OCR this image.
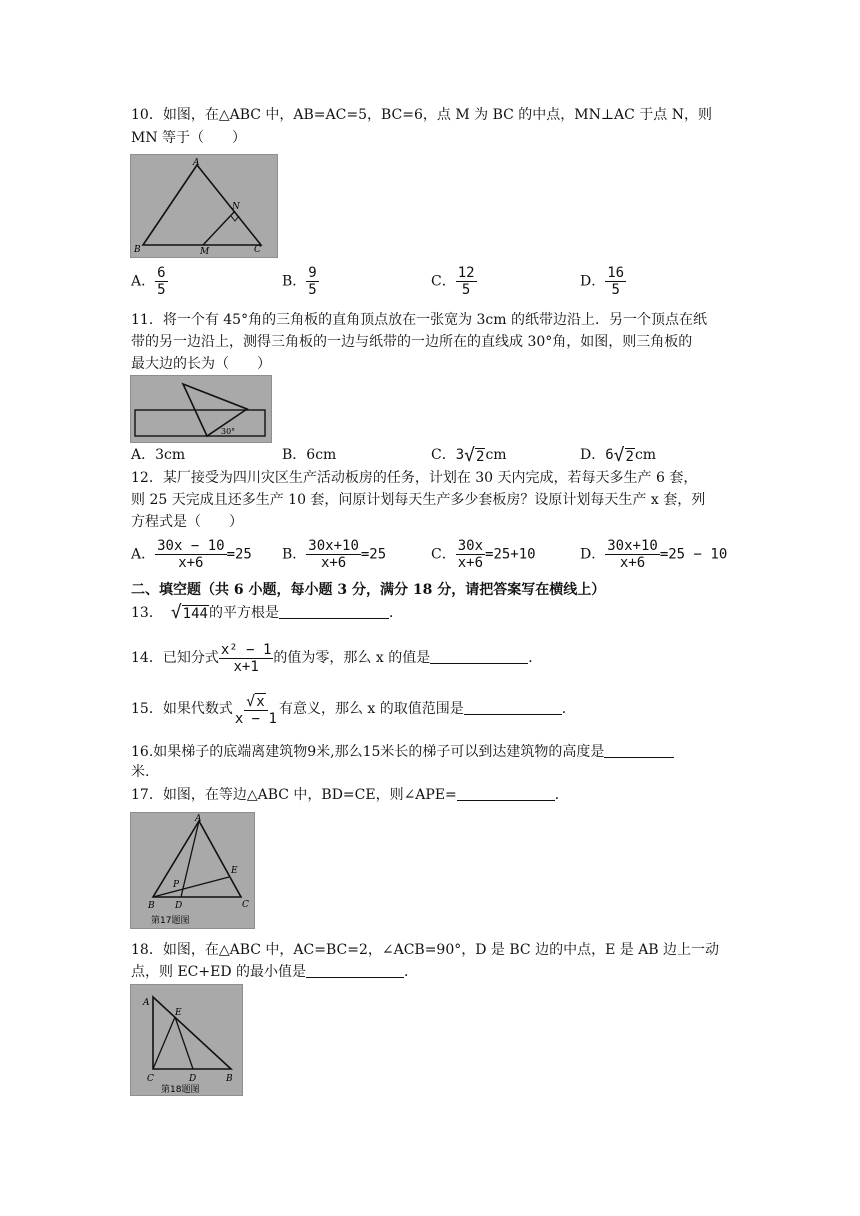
10．如图，在△ABC 中，AB=AC=5，BC=6，点 M 为 BC 的中点，MN⊥AC 于点 N，则
MN 等于（　　）
A
B	C
M
N
A． $\frac{6}{5}$	B． $\frac{9}{5}$	C． $\frac{12}{5}$	D． $\frac{16}{5}$
11．将一个有 45°角的三角板的直角顶点放在一张宽为 3cm 的纸带边沿上．另一个顶点在纸
带的另一边沿上，测得三角板的一边与纸带的一边所在的直线成 30°角，如图，则三角板的
最大边的长为（　　）
30°
A．3cm	B．6cm	C． 3 √ 2 cm	D． 6 √ 2 cm
12．某厂接受为四川灾区生产活动板房的任务，计划在 30 天内完成，若每天多生产 6 套，
则 25 天完成且还多生产 10 套，问原计划每天生产多少套板房？设原计划每天生产 x 套，列
方程式是（　　）
A． $\frac{30x - 10}{x+6} =25$ B． $\frac{30x+10}{x+6} =25$	C． $\frac{30x}{x+6} =25+10$	D． $\frac{30x+10}{x+6} =25 - 10$
二、填空题（共 6 小题，每小题 3 分，满分 18 分，请把答案写在横线上）
13． √ 144 的平方根是	．
14．已知分式 $\frac{\text{x² − 1}}{x+1}$ 的值为零，那么 x 的值是	．
15．如果代数式 $\frac{√ x}{x - 1}$ 有意义，那么 x 的取值范围是	．
16.如果梯子的底端离建筑物9米,那么15米长的梯子可以到达建筑物的高度是
米.
17．如图，在等边△ABC 中，BD=CE，则∠APE=	．
A
B	C
D
E
P
第17题图
18．如图，在△ABC 中，AC=BC=2，∠ACB=90°，D 是 BC 边的中点，E 是 AB 边上一动
点，则 EC+ED 的最小值是	．
A
C	B
D
E
第18题图
